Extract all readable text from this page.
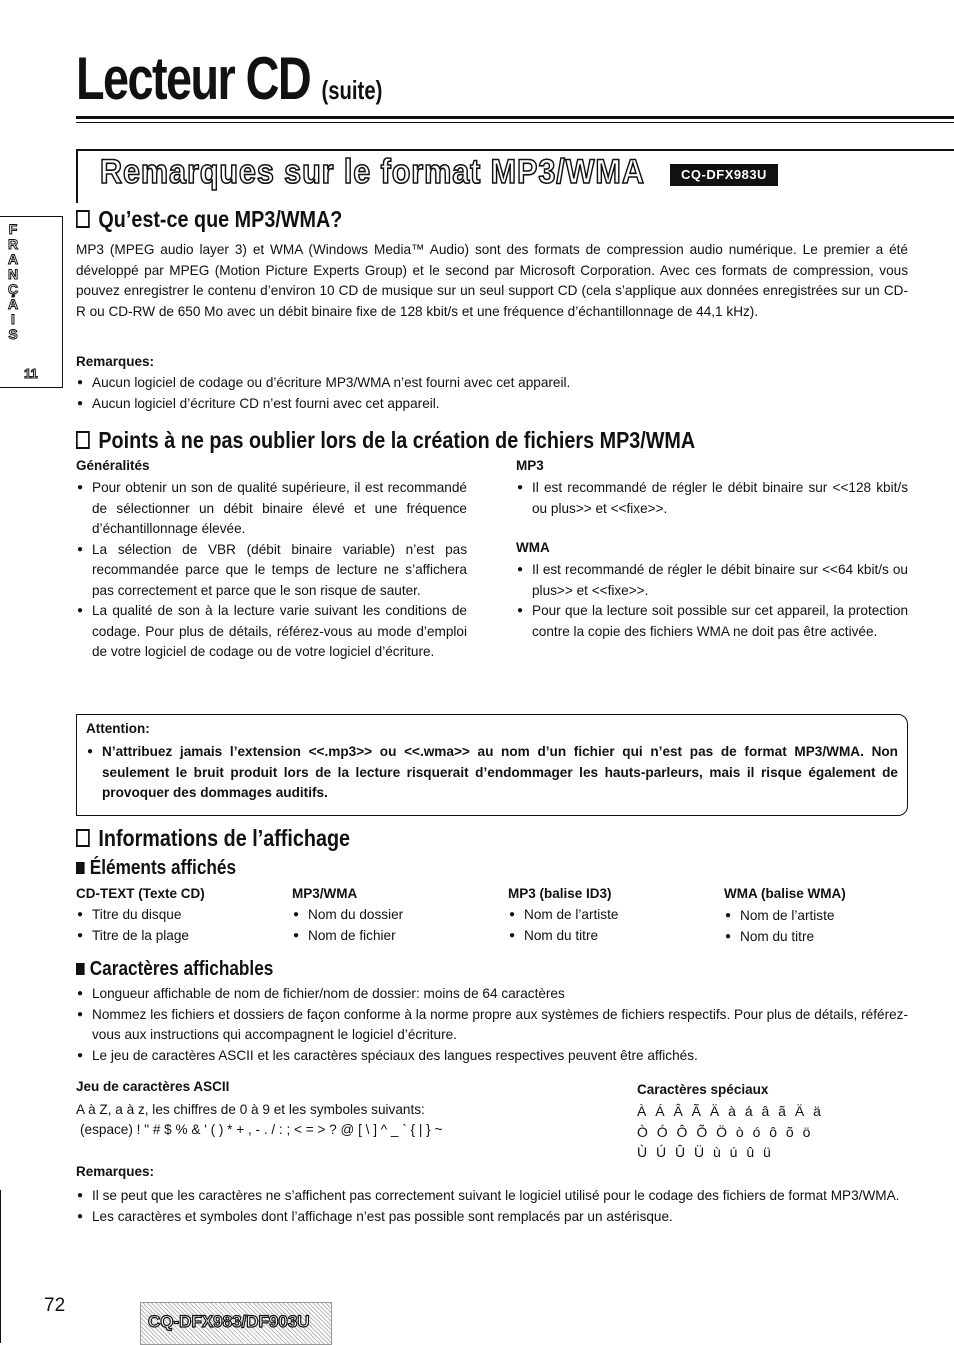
Lecteur CD (suite)
Remarques sur le format MP3/WMA	CQ-DFX983U
F
R
A
N
Ç
A
I
S
11
Qu’est-ce que MP3/WMA?
MP3 (MPEG audio layer 3) et WMA (Windows Media™ Audio) sont des formats de compression audio numérique. Le premier a été développé par MPEG (Motion Picture Experts Group) et le second par Microsoft Corporation. Avec ces formats de compression, vous pouvez enregistrer le contenu d’environ 10 CD de musique sur un seul support CD (cela s’applique aux données enregistrées sur un CD-R ou CD-RW de 650 Mo avec un débit binaire fixe de 128 kbit/s et une fréquence d’échantillonnage de 44,1 kHz).
Remarques:
● Aucun logiciel de codage ou d’écriture MP3/WMA n’est fourni avec cet appareil.
● Aucun logiciel d’écriture CD n’est fourni avec cet appareil.
Points à ne pas oublier lors de la création de fichiers MP3/WMA
Généralités
● Pour obtenir un son de qualité supérieure, il est recommandé de sélectionner un débit binaire élevé et une fréquence d’échantillonnage élevée.
● La sélection de VBR (débit binaire variable) n’est pas recommandée parce que le temps de lecture ne s’affichera pas correctement et parce que le son risque de sauter.
● La qualité de son à la lecture varie suivant les conditions de codage. Pour plus de détails, référez-vous au mode d’emploi de votre logiciel de codage ou de votre logiciel d’écriture.
MP3
● Il est recommandé de régler le débit binaire sur <<128 kbit/s ou plus>> et <<fixe>>.
WMA
● Il est recommandé de régler le débit binaire sur <<64 kbit/s ou plus>> et <<fixe>>.
● Pour que la lecture soit possible sur cet appareil, la protection contre la copie des fichiers WMA ne doit pas être activée.
Attention:
● N’attribuez jamais l’extension <<.mp3>> ou <<.wma>> au nom d’un fichier qui n’est pas de format MP3/WMA. Non seulement le bruit produit lors de la lecture risquerait d’endommager les hauts-parleurs, mais il risque également de provoquer des dommages auditifs.
Informations de l’affichage
Éléments affichés
CD-TEXT (Texte CD)
● Titre du disque
● Titre de la plage
MP3/WMA
● Nom du dossier
● Nom de fichier
MP3 (balise ID3)
● Nom de l’artiste
● Nom du titre
WMA (balise WMA)
● Nom de l’artiste
● Nom du titre
Caractères affichables
● Longueur affichable de nom de fichier/nom de dossier: moins de 64 caractères
● Nommez les fichiers et dossiers de façon conforme à la norme propre aux systèmes de fichiers respectifs. Pour plus de détails, référez-vous aux instructions qui accompagnent le logiciel d’écriture.
● Le jeu de caractères ASCII et les caractères spéciaux des langues respectives peuvent être affichés.
Jeu de caractères ASCII
A à Z, a à z, les chiffres de 0 à 9 et les symboles suivants:
(espace) ! " # $ % & ' ( ) * + , - . / : ; < = > ? @ [ \ ] ^ _ ` { | } ~
Caractères spéciaux
À Á Â Ã Ä à á â ã Ä ä
Ò Ó Ô Õ Ö ò ó ô õ ö
Ù Ú Û Ü ù ú û ü
Remarques:
● Il se peut que les caractères ne s’affichent pas correctement suivant le logiciel utilisé pour le codage des fichiers de format MP3/WMA.
● Les caractères et symboles dont l’affichage n’est pas possible sont remplacés par un astérisque.
72
CQ-DFX983/DF903U
